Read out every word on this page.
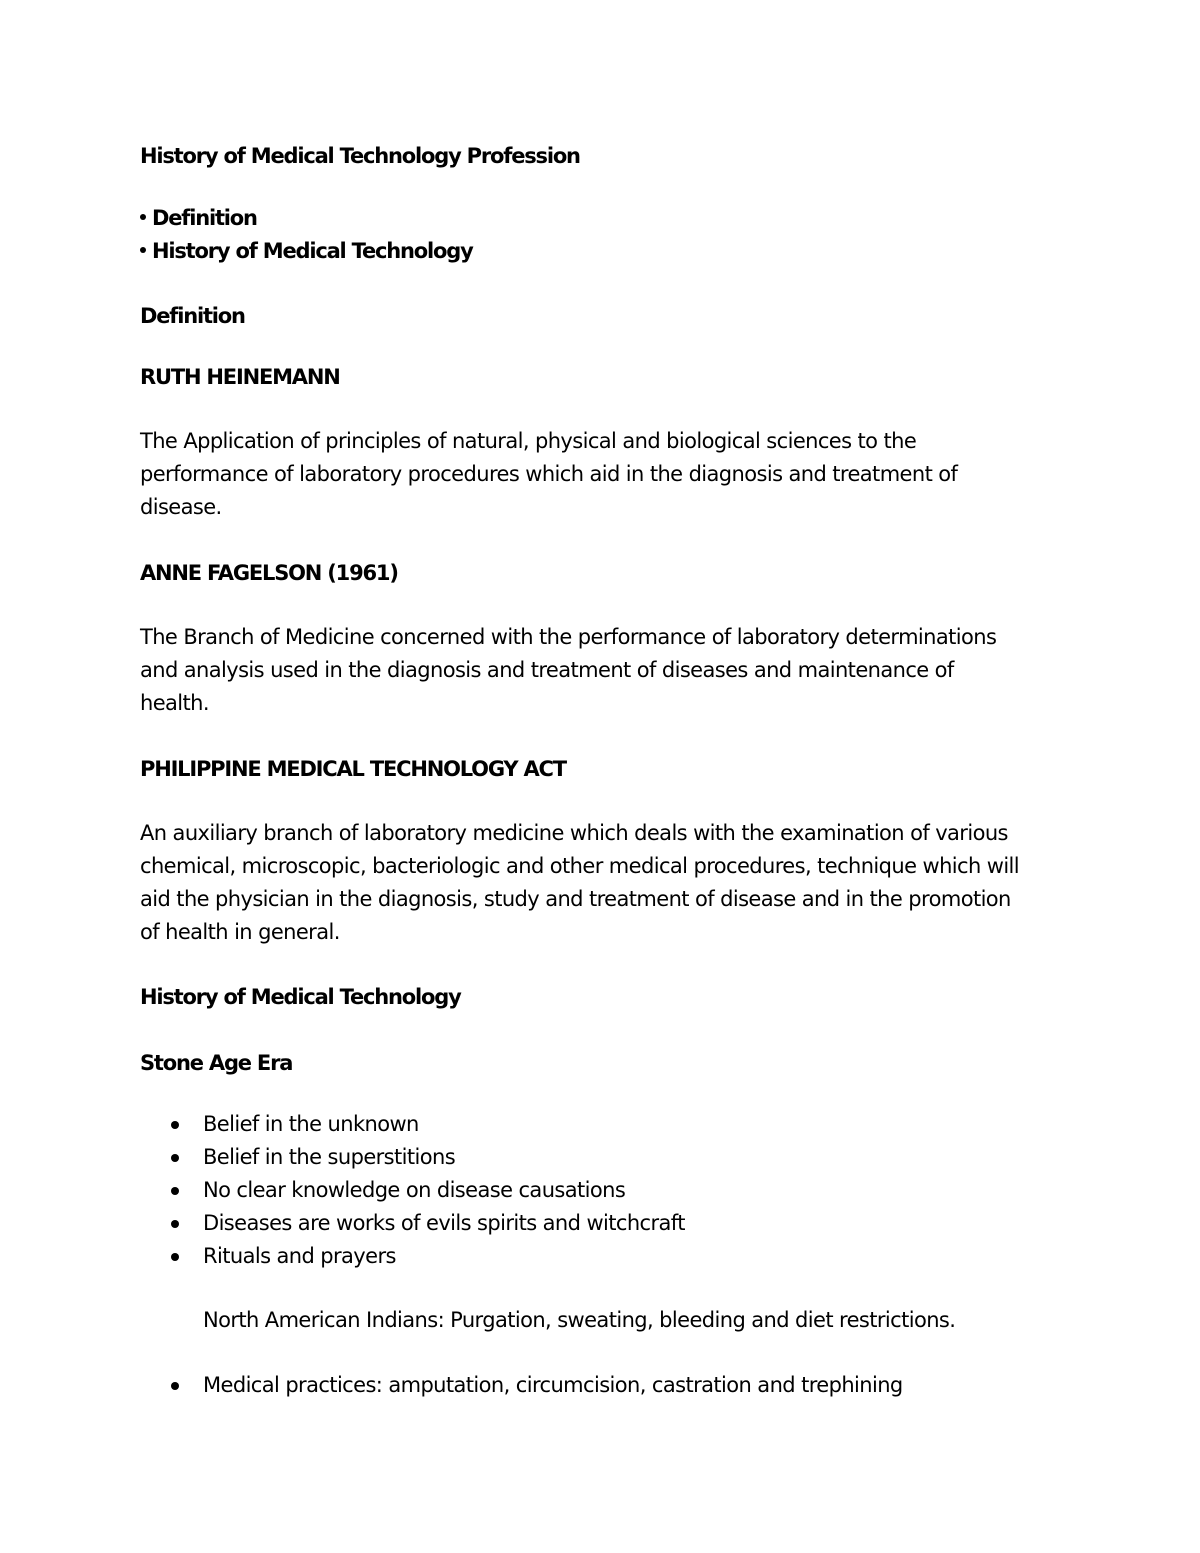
History of Medical Technology Profession
Definition
History of Medical Technology
Definition
RUTH HEINEMANN
The Application of principles of natural, physical and biological sciences to the
performance of laboratory procedures which aid in the diagnosis and treatment of
disease.
ANNE FAGELSON (1961)
The Branch of Medicine concerned with the performance of laboratory determinations
and analysis used in the diagnosis and treatment of diseases and maintenance of
health.
PHILIPPINE MEDICAL TECHNOLOGY ACT
An auxiliary branch of laboratory medicine which deals with the examination of various
chemical, microscopic, bacteriologic and other medical procedures, technique which will
aid the physician in the diagnosis, study and treatment of disease and in the promotion
of health in general.
History of Medical Technology
Stone Age Era
Belief in the unknown
Belief in the superstitions
No clear knowledge on disease causations
Diseases are works of evils spirits and witchcraft
Rituals and prayers
North American Indians: Purgation, sweating, bleeding and diet restrictions.
Medical practices: amputation, circumcision, castration and trephining
